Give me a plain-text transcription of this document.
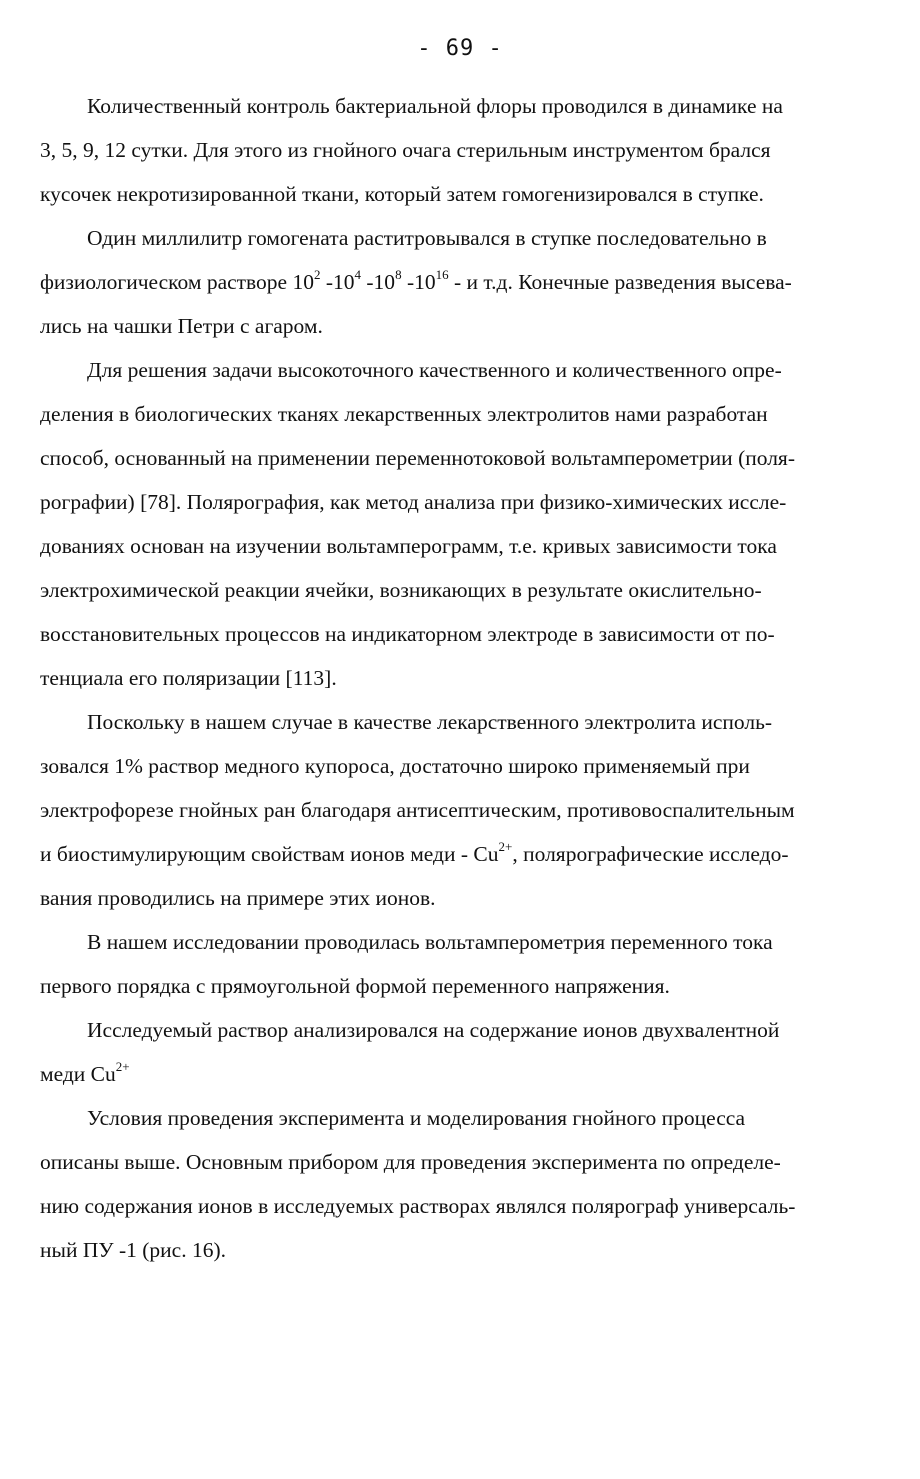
- 69 -

Количественный контроль бактериальной флоры проводился в динамике на
3, 5, 9, 12 сутки. Для этого из гнойного очага стерильным инструментом брался
кусочек некротизированной ткани, который затем гомогенизировался в ступке.

Один миллилитр гомогената раститровывался в ступке последовательно в
физиологическом растворе $10^2$ $-10^4$ $-10^8$ $-10^{16}$ - и т.д. Конечные разведения высева-
лись на чашки Петри с агаром.

Для решения задачи высокоточного качественного и количественного опре-
деления в биологических тканях лекарственных электролитов нами разработан
способ, основанный на применении переменнотоковой вольтамперометрии (поля-
рографии) [78]. Полярография, как метод анализа при физико-химических иссле-
дованиях основан на изучении вольтамперограмм, т.е. кривых зависимости тока
электрохимической реакции ячейки, возникающих в результате окислительно-
восстановительных процессов на индикаторном электроде в зависимости от по-
тенциала его поляризации [113].

Поскольку в нашем случае в качестве лекарственного электролита исполь-
зовался 1% раствор медного купороса, достаточно широко применяемый при
электрофорезе гнойных ран благодаря антисептическим, противовоспалительным
и биостимулирующим свойствам ионов меди - $Cu^{2+}$, полярографические исследо-
вания проводились на примере этих ионов.

В нашем исследовании проводилась вольтамперометрия переменного тока
первого порядка с прямоугольной формой переменного напряжения.

Исследуемый раствор анализировался на содержание ионов двухвалентной
меди $Cu^{2+}$

Условия проведения эксперимента и моделирования гнойного процесса
описаны выше. Основным прибором для проведения эксперимента по определе-
нию содержания ионов в исследуемых растворах являлся полярограф универсаль-
ный ПУ -1 (рис. 16).
